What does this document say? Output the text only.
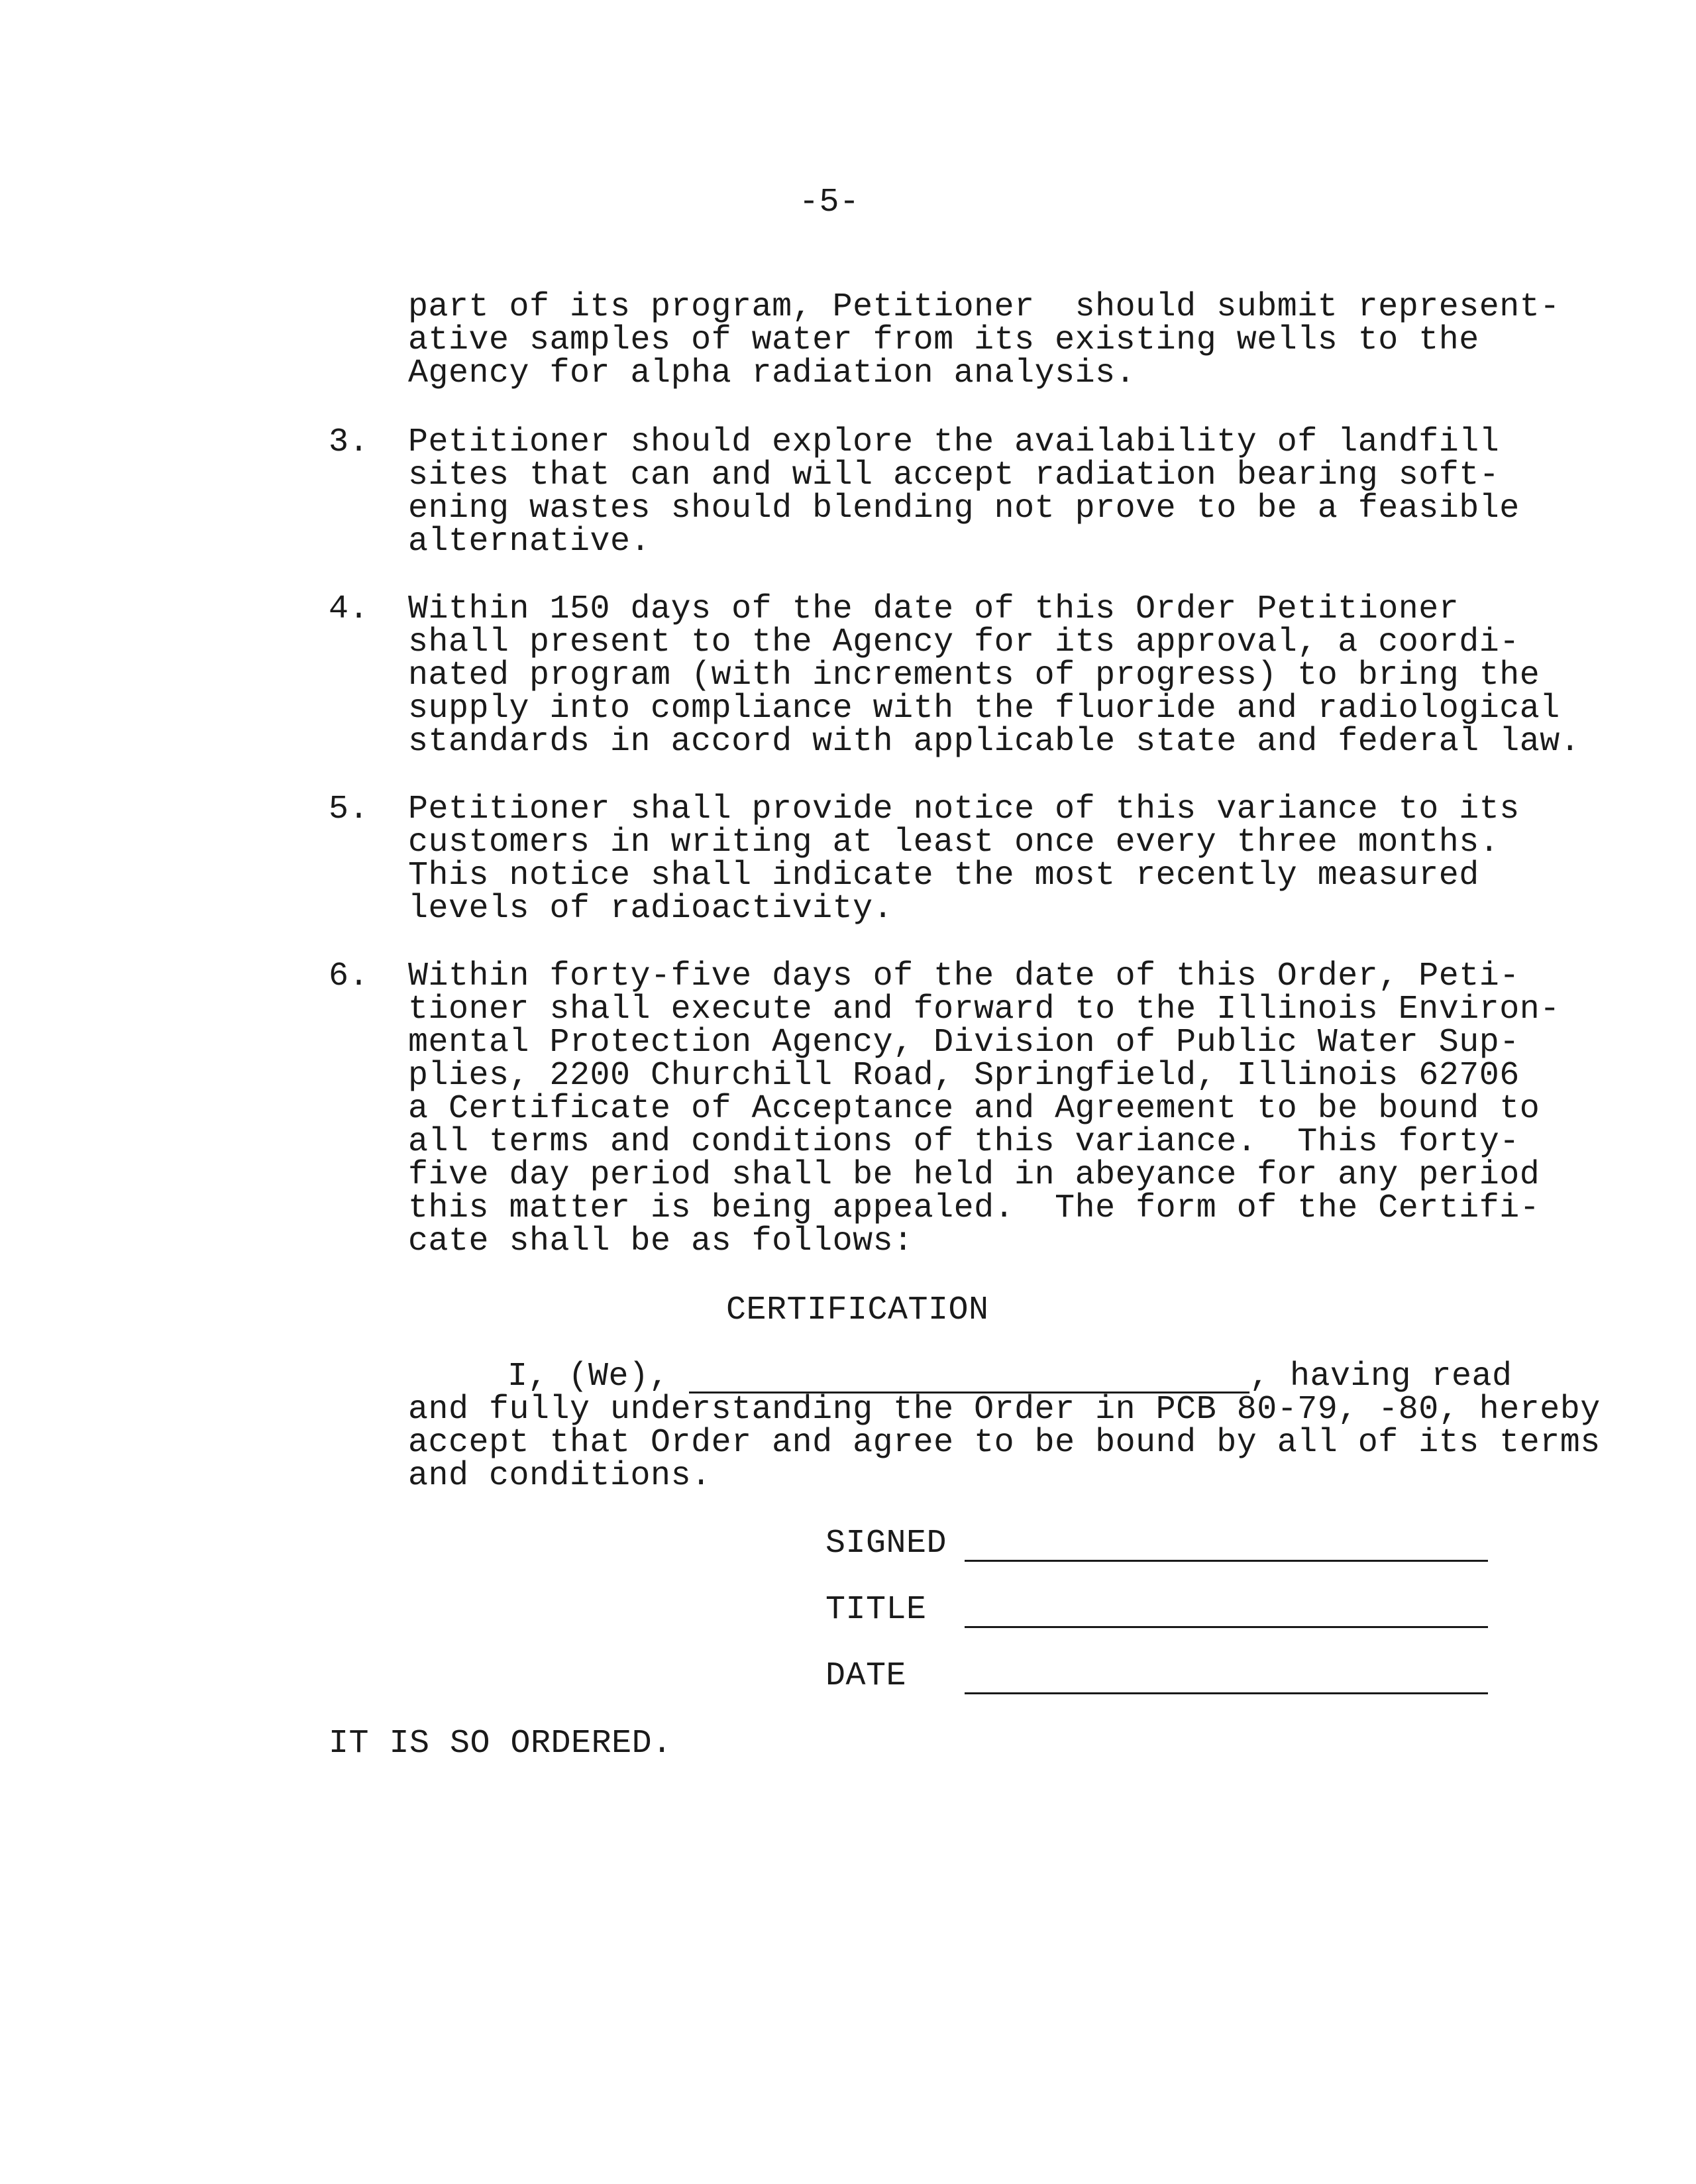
-5-
part of its program, Petitioner  should submit represent-
ative samples of water from its existing wells to the
Agency for alpha radiation analysis.
3. Petitioner should explore the availability of landfill
sites that can and will accept radiation bearing soft-
ening wastes should blending not prove to be a feasible
alternative.
4. Within 150 days of the date of this Order Petitioner
shall present to the Agency for its approval, a coordi-
nated program (with increments of progress) to bring the
supply into compliance with the fluoride and radiological
standards in accord with applicable state and federal law.
5. Petitioner shall provide notice of this variance to its
customers in writing at least once every three months.
This notice shall indicate the most recently measured
levels of radioactivity.
6. Within forty-five days of the date of this Order, Peti-
tioner shall execute and forward to the Illinois Environ-
mental Protection Agency, Division of Public Water Sup-
plies, 2200 Churchill Road, Springfield, Illinois 62706
a Certificate of Acceptance and Agreement to be bound to
all terms and conditions of this variance.  This forty-
five day period shall be held in abeyance for any period
this matter is being appealed.  The form of the Certifi-
cate shall be as follows:
CERTIFICATION
I, (We),	, having read
and fully understanding the Order in PCB 80-79, -80, hereby
accept that Order and agree to be bound by all of its terms
and conditions.
SIGNED
TITLE
DATE
IT IS SO ORDERED.
